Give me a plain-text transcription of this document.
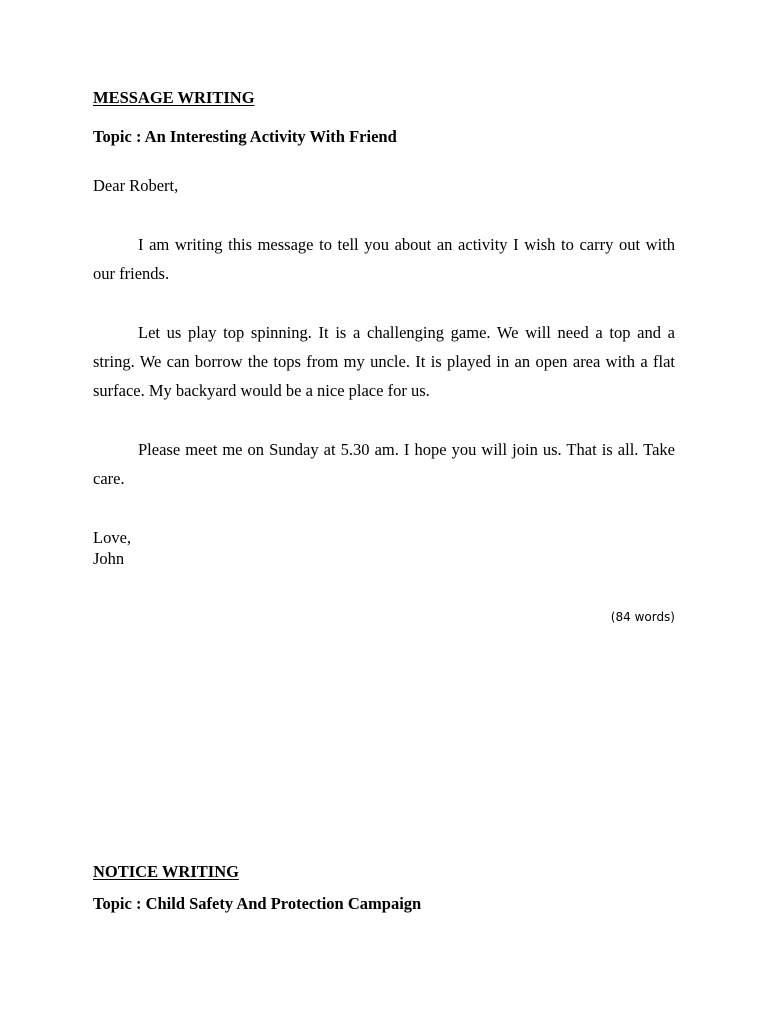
MESSAGE WRITING
Topic : An Interesting Activity With Friend
Dear Robert,
I am writing this message to tell you about an activity I wish to carry out with our friends.
Let us play top spinning. It is a challenging game. We will need a top and a string. We can borrow the tops from my uncle. It is played in an open area with a flat surface. My backyard would be a nice place for us.
Please meet me on Sunday at 5.30 am. I hope you will join us. That is all. Take care.
Love,
John
(84 words)
NOTICE WRITING
Topic : Child Safety And Protection Campaign
